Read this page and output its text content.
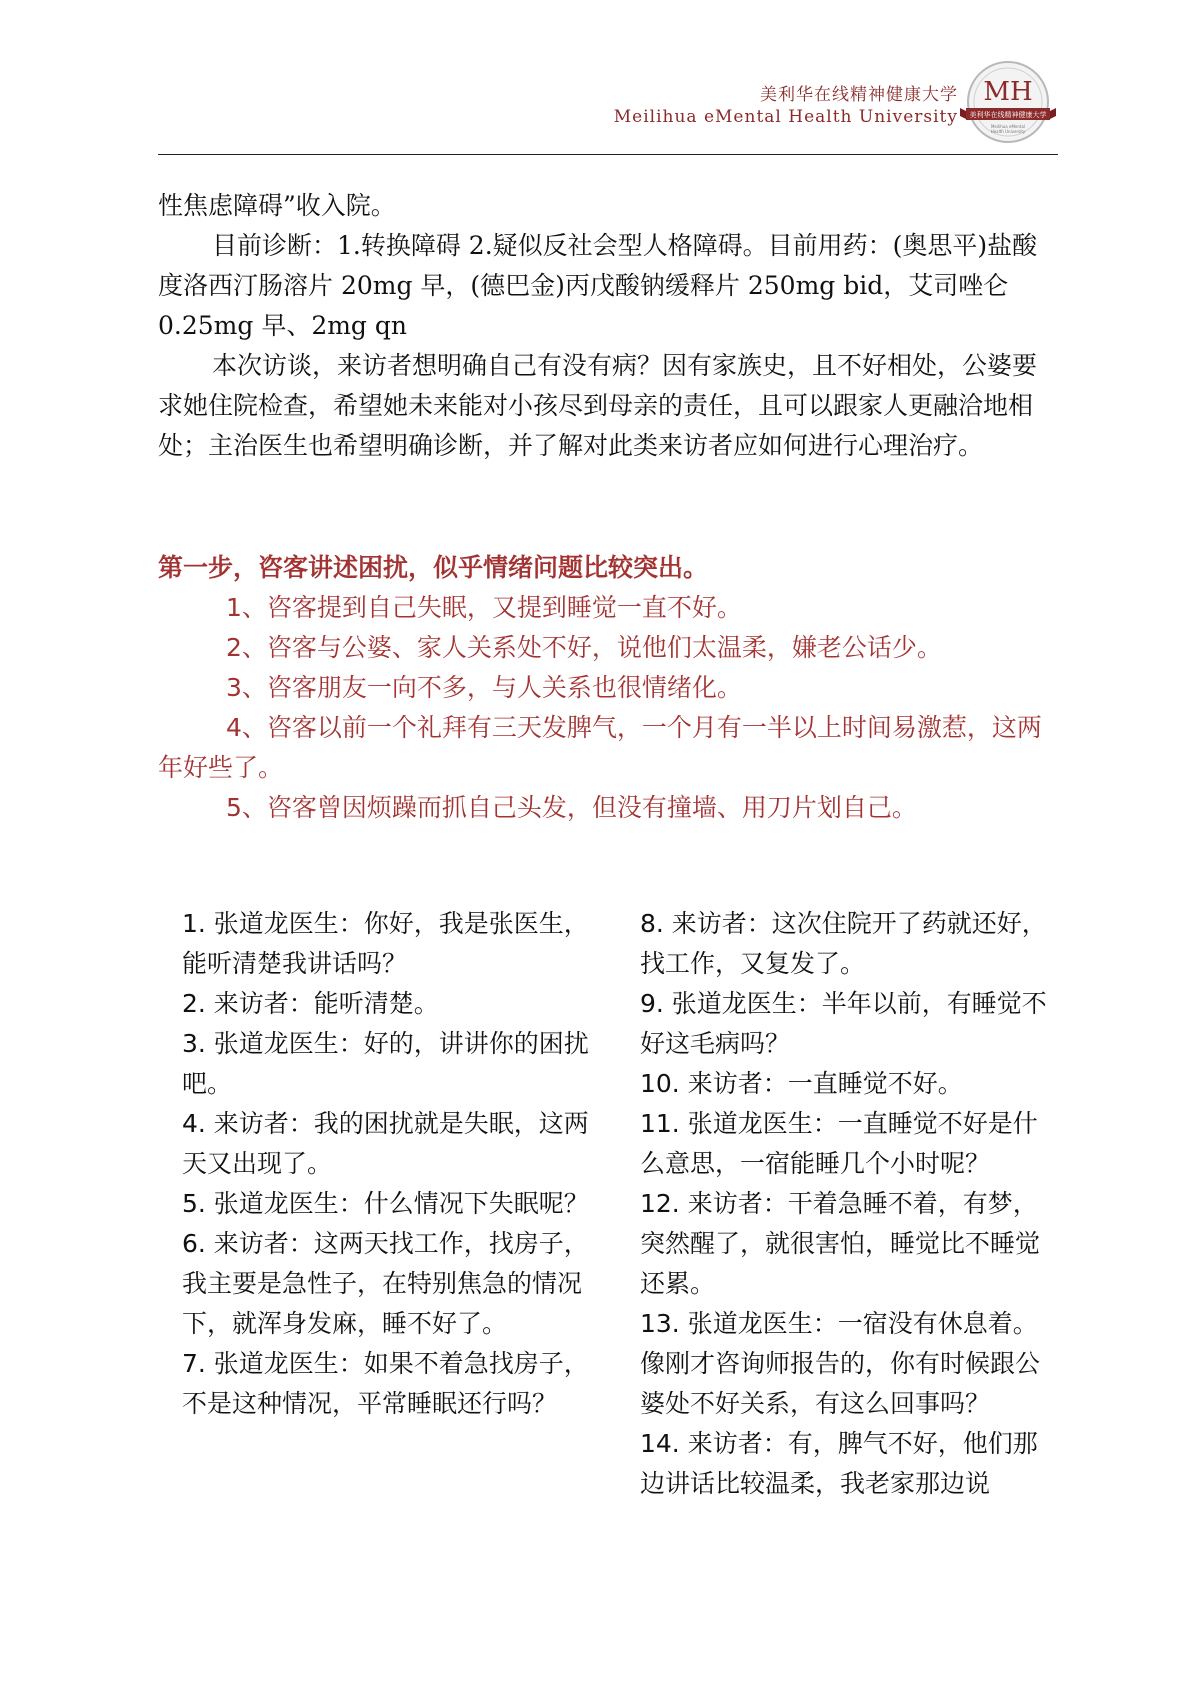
美利华在线精神健康大学
Meilihua eMental Health University
MH
美利华在线精神健康大学
Meilihua eMental
Health University

性焦虑障碍”收入院。

目前诊断：1.转换障碍 2.疑似反社会型人格障碍。目前用药：(奥思平)盐酸度洛西汀肠溶片 20mg 早，(德巴金)丙戊酸钠缓释片 250mg bid，艾司唑仑 0.25mg 早、2mg qn

本次访谈，来访者想明确自己有没有病？因有家族史，且不好相处，公婆要求她住院检查，希望她未来能对小孩尽到母亲的责任，且可以跟家人更融洽地相处；主治医生也希望明确诊断，并了解对此类来访者应如何进行心理治疗。

第一步，咨客讲述困扰，似乎情绪问题比较突出。

1、咨客提到自己失眠，又提到睡觉一直不好。

2、咨客与公婆、家人关系处不好，说他们太温柔，嫌老公话少。

3、咨客朋友一向不多，与人关系也很情绪化。

4、咨客以前一个礼拜有三天发脾气，一个月有一半以上时间易激惹，这两年好些了。

5、咨客曾因烦躁而抓自己头发，但没有撞墙、用刀片划自己。

1. 张道龙医生：你好，我是张医生，能听清楚我讲话吗？

2. 来访者：能听清楚。

3. 张道龙医生：好的，讲讲你的困扰吧。

4. 来访者：我的困扰就是失眠，这两天又出现了。

5. 张道龙医生：什么情况下失眠呢？

6. 来访者：这两天找工作，找房子，我主要是急性子，在特别焦急的情况下，就浑身发麻，睡不好了。

7. 张道龙医生：如果不着急找房子，不是这种情况，平常睡眠还行吗？

8. 来访者：这次住院开了药就还好，找工作，又复发了。

9. 张道龙医生：半年以前，有睡觉不好这毛病吗？

10. 来访者：一直睡觉不好。

11. 张道龙医生：一直睡觉不好是什么意思，一宿能睡几个小时呢？

12. 来访者：干着急睡不着，有梦，突然醒了，就很害怕，睡觉比不睡觉还累。

13. 张道龙医生：一宿没有休息着。像刚才咨询师报告的，你有时候跟公婆处不好关系，有这么回事吗？

14. 来访者：有，脾气不好，他们那边讲话比较温柔，我老家那边说
